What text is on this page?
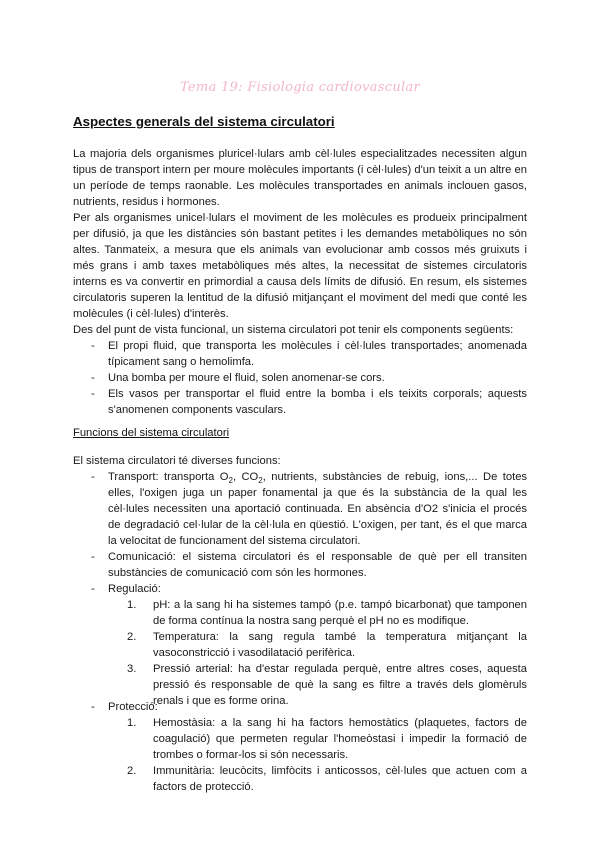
Tema 19: Fisiologia cardiovascular
Aspectes generals del sistema circulatori
La majoria dels organismes pluricel·lulars amb cèl·lules especialitzades necessiten algun tipus de transport intern per moure molècules importants (i cèl·lules) d'un teixit a un altre en un període de temps raonable. Les molècules transportades en animals inclouen gasos, nutrients, residus i hormones.
Per als organismes unicel·lulars el moviment de les molècules es produeix principalment per difusió, ja que les distàncies són bastant petites i les demandes metabòliques no són altes. Tanmateix, a mesura que els animals van evolucionar amb cossos més gruixuts i més grans i amb taxes metabòliques més altes, la necessitat de sistemes circulatoris interns es va convertir en primordial a causa dels límits de difusió. En resum, els sistemes circulatoris superen la lentitud de la difusió mitjançant el moviment del medi que conté les molècules (i cèl·lules) d'interès.
Des del punt de vista funcional, un sistema circulatori pot tenir els components següents:
- El propi fluid, que transporta les molècules i cèl·lules transportades; anomenada típicament sang o hemolimfa.
- Una bomba per moure el fluid, solen anomenar-se cors.
- Els vasos per transportar el fluid entre la bomba i els teixits corporals; aquests s'anomenen components vasculars.
Funcions del sistema circulatori
El sistema circulatori té diverses funcions:
- Transport: transporta $O_2$, $CO_2$, nutrients, substàncies de rebuig, ions,... De totes elles, l'oxigen juga un paper fonamental ja que és la substància de la qual les cèl·lules necessiten una aportació continuada. En absència d'O2 s'inicia el procés de degradació cel·lular de la cèl·lula en qüestió. L'oxigen, per tant, és el que marca la velocitat de funcionament del sistema circulatori.
- Comunicació: el sistema circulatori és el responsable de què per ell transiten substàncies de comunicació com són les hormones.
- Regulació:
1. pH: a la sang hi ha sistemes tampó (p.e. tampó bicarbonat) que tamponen de forma contínua la nostra sang perquè el pH no es modifique.
2. Temperatura: la sang regula també la temperatura mitjançant la vasoconstricció i vasodilatació perifèrica.
3. Pressió arterial: ha d'estar regulada perquè, entre altres coses, aquesta pressió és responsable de què la sang es filtre a través dels glomèruls renals i que es forme orina.
- Protecció:
1. Hemostàsia: a la sang hi ha factors hemostàtics (plaquetes, factors de coagulació) que permeten regular l'homeòstasi i impedir la formació de trombes o formar-los si són necessaris.
2. Immunitària: leucòcits, limfòcits i anticossos, cèl·lules que actuen com a factors de protecció.
